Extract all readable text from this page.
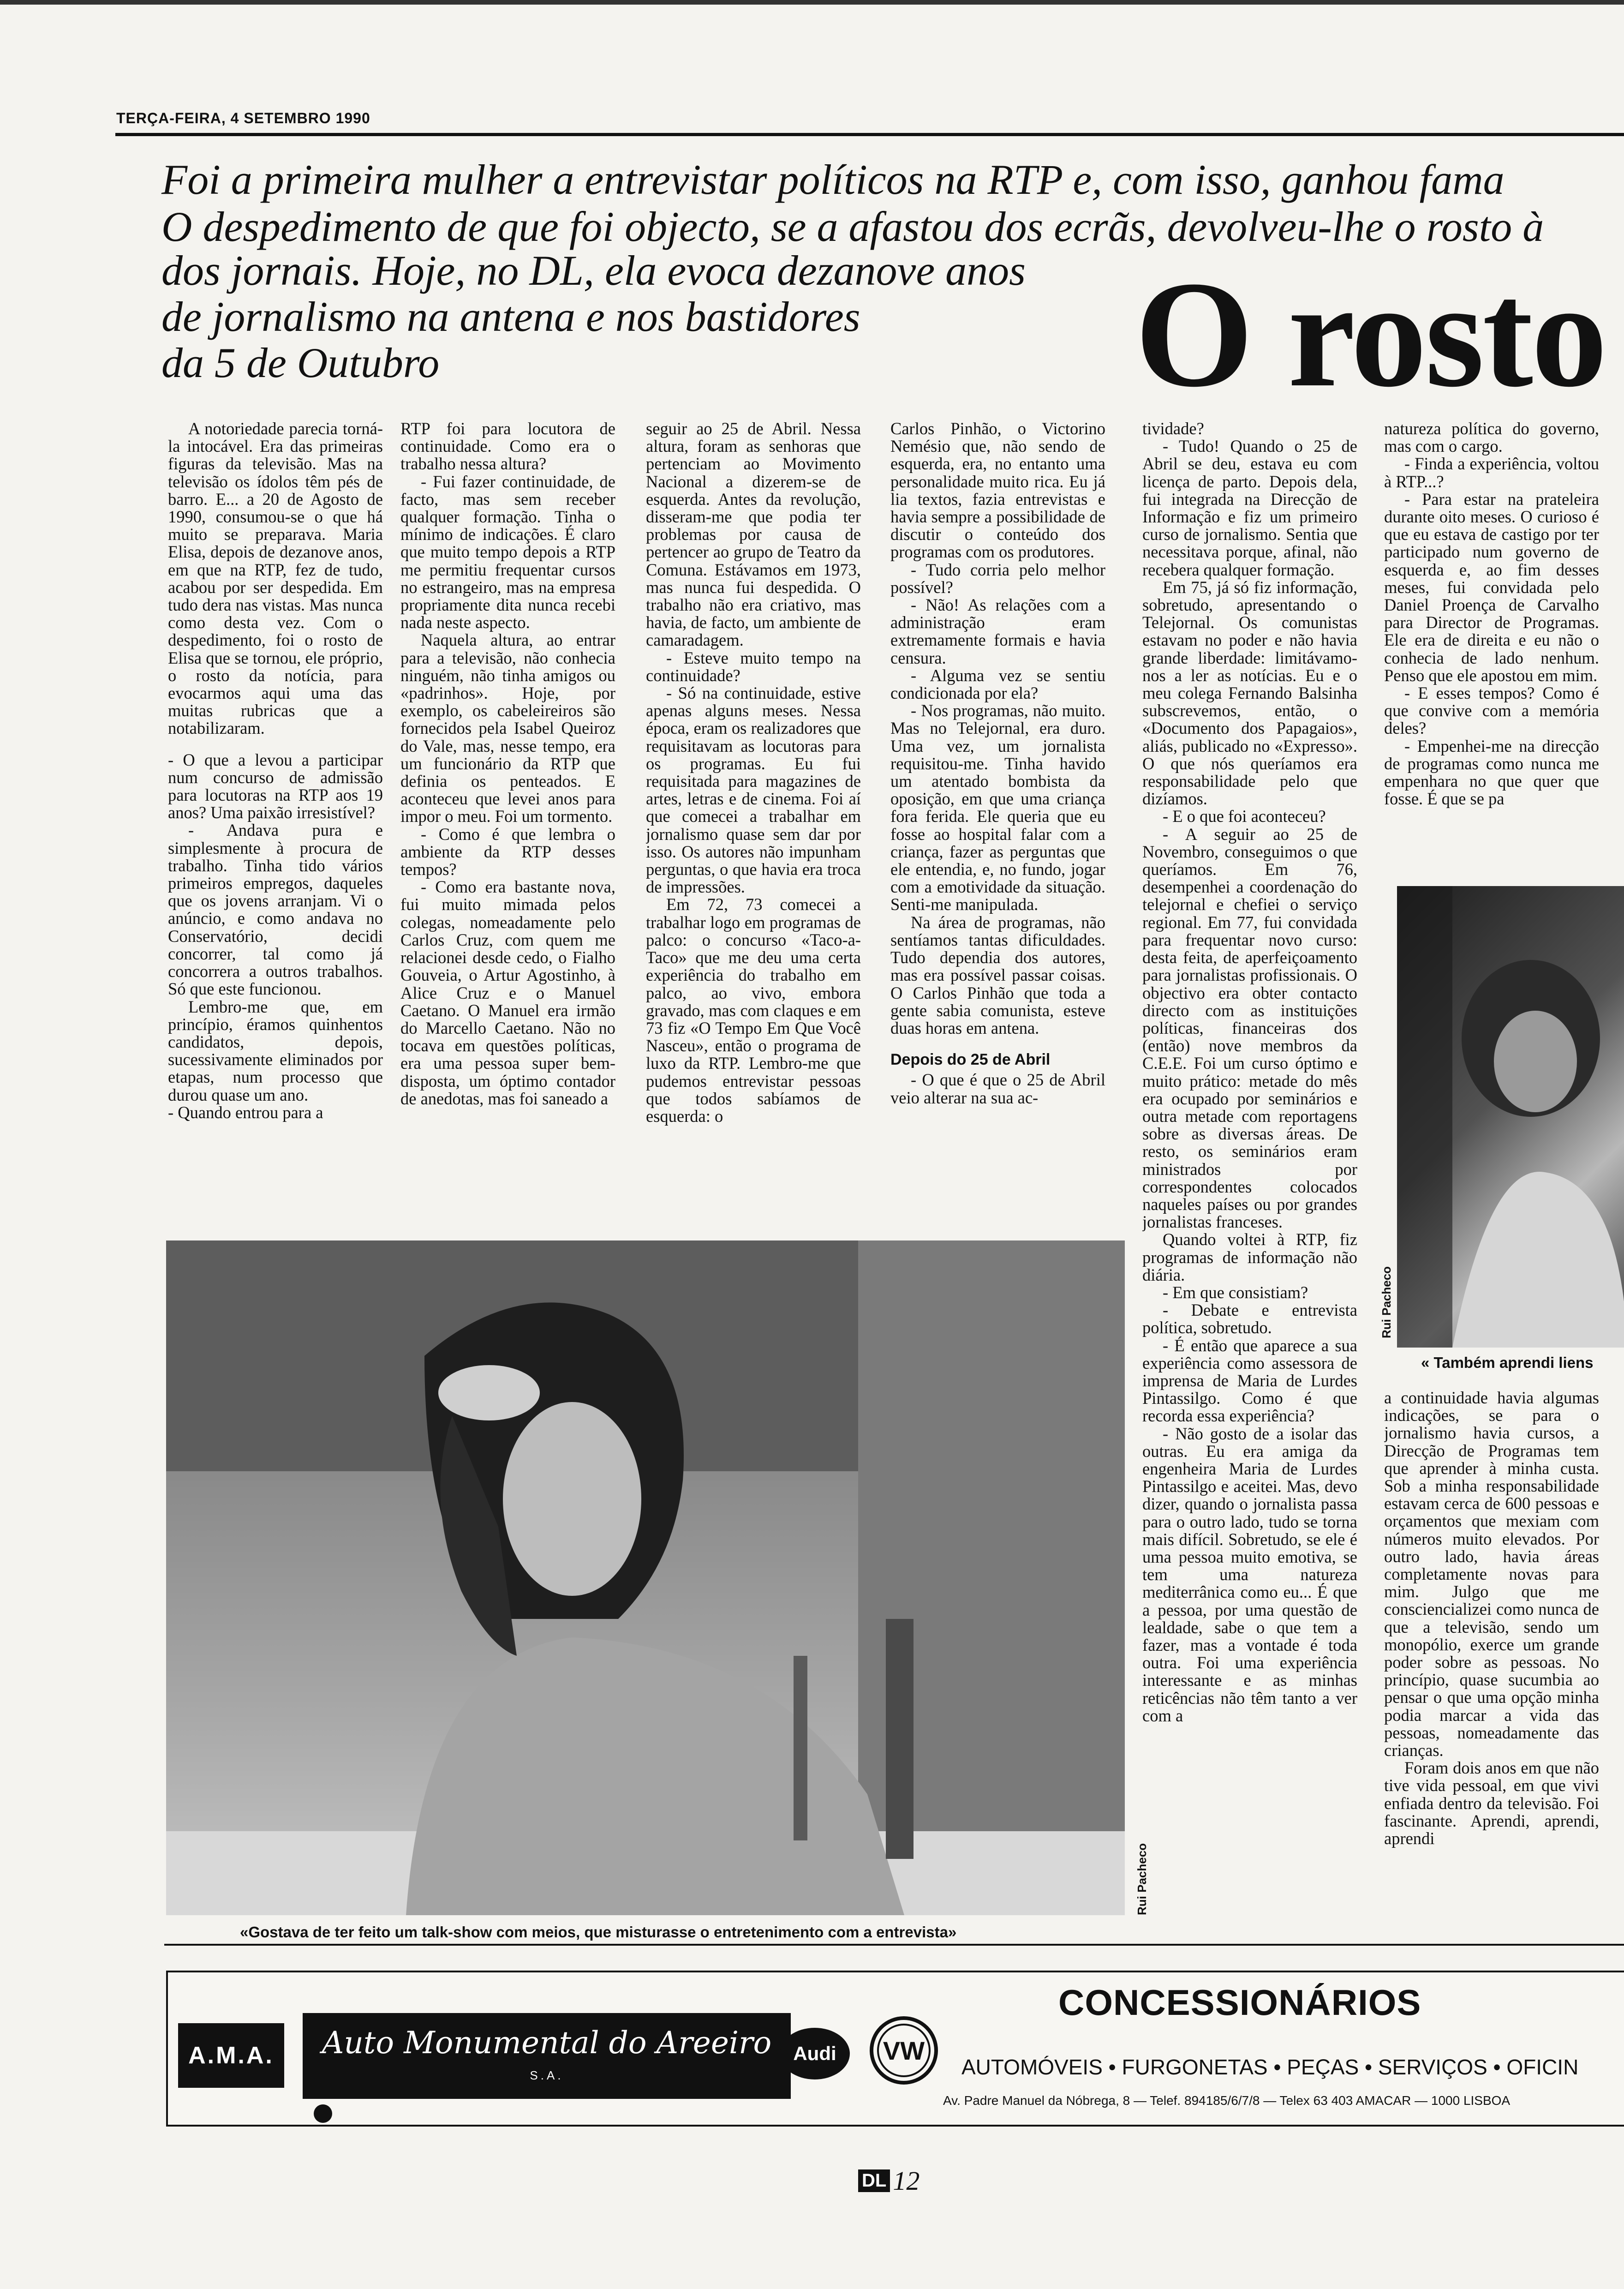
TERÇA-FEIRA, 4 SETEMBRO 1990
Foi a primeira mulher a entrevistar políticos na RTP e, com isso, ganhou fama
O despedimento de que foi objecto, se a afastou dos ecrãs, devolveu-lhe o rosto à
dos jornais. Hoje, no DL, ela evoca dezanove anos
de jornalismo na antena e nos bastidores
da 5 de Outubro	O rosto

A notoriedade parecia torná-la intocável. Era das primeiras figuras da televisão. Mas na televisão os ídolos têm pés de barro. E... a 20 de Agosto de 1990, consumou-se o que há muito se preparava. Maria Elisa, depois de dezanove anos, em que na RTP, fez de tudo, acabou por ser despedida. Em tudo dera nas vistas. Mas nunca como desta vez. Com o despedimento, foi o rosto de Elisa que se tornou, ele próprio, o rosto da notícia, para evocarmos aqui uma das muitas rubricas que a notabilizaram.

- O que a levou a participar num concurso de admissão para locutoras na RTP aos 19 anos? Uma paixão irresistível?

- Andava pura e simplesmente à procura de trabalho. Tinha tido vários primeiros empregos, daqueles que os jovens arranjam. Vi o anúncio, e como andava no Conservatório, decidi concorrer, tal como já concorrera a outros trabalhos. Só que este funcionou.

Lembro-me que, em princípio, éramos quinhentos candidatos, depois, sucessivamente eliminados por etapas, num processo que durou quase um ano.

- Quando entrou para a

RTP foi para locutora de continuidade. Como era o trabalho nessa altura?

- Fui fazer continuidade, de facto, mas sem receber qualquer formação. Tinha o mínimo de indicações. É claro que muito tempo depois a RTP me permitiu frequentar cursos no estrangeiro, mas na empresa propriamente dita nunca recebi nada neste aspecto.

Naquela altura, ao entrar para a televisão, não conhecia ninguém, não tinha amigos ou «padrinhos». Hoje, por exemplo, os cabeleireiros são fornecidos pela Isabel Queiroz do Vale, mas, nesse tempo, era um funcionário da RTP que definia os penteados. E aconteceu que levei anos para impor o meu. Foi um tormento.

- Como é que lembra o ambiente da RTP desses tempos?

- Como era bastante nova, fui muito mimada pelos colegas, nomeadamente pelo Carlos Cruz, com quem me relacionei desde cedo, o Fialho Gouveia, o Artur Agostinho, à Alice Cruz e o Manuel Caetano. O Manuel era irmão do Marcello Caetano. Não no tocava em questões políticas, era uma pessoa super bem-disposta, um óptimo contador de anedotas, mas foi saneado a

seguir ao 25 de Abril. Nessa altura, foram as senhoras que pertenciam ao Movimento Nacional a dizerem-se de esquerda. Antes da revolução, disseram-me que podia ter problemas por causa de pertencer ao grupo de Teatro da Comuna. Estávamos em 1973, mas nunca fui despedida. O trabalho não era criativo, mas havia, de facto, um ambiente de camaradagem.

- Esteve muito tempo na continuidade?

- Só na continuidade, estive apenas alguns meses. Nessa época, eram os realizadores que requisitavam as locutoras para os programas. Eu fui requisitada para magazines de artes, letras e de cinema. Foi aí que comecei a trabalhar em jornalismo quase sem dar por isso. Os autores não impunham perguntas, o que havia era troca de impressões.

Em 72, 73 comecei a trabalhar logo em programas de palco: o concurso «Taco-a-Taco» que me deu uma certa experiência do trabalho em palco, ao vivo, embora gravado, mas com claques e em 73 fiz «O Tempo Em Que Você Nasceu», então o programa de luxo da RTP. Lembro-me que pudemos entrevistar pessoas que todos sabíamos de esquerda: o

Carlos Pinhão, o Victorino Nemésio que, não sendo de esquerda, era, no entanto uma personalidade muito rica. Eu já lia textos, fazia entrevistas e havia sempre a possibilidade de discutir o conteúdo dos programas com os produtores.

- Tudo corria pelo melhor possível?

- Não! As relações com a administração eram extremamente formais e havia censura.

- Alguma vez se sentiu condicionada por ela?

- Nos programas, não muito. Mas no Telejornal, era duro. Uma vez, um jornalista requisitou-me. Tinha havido um atentado bombista da oposição, em que uma criança fora ferida. Ele queria que eu fosse ao hospital falar com a criança, fazer as perguntas que ele entendia, e, no fundo, jogar com a emotividade da situação. Senti-me manipulada.

Na área de programas, não sentíamos tantas dificuldades. Tudo dependia dos autores, mas era possível passar coisas. O Carlos Pinhão que toda a gente sabia comunista, esteve duas horas em antena.

Depois do 25 de Abril

- O que é que o 25 de Abril veio alterar na sua ac-

tividade?

- Tudo! Quando o 25 de Abril se deu, estava eu com licença de parto. Depois dela, fui integrada na Direcção de Informação e fiz um primeiro curso de jornalismo. Sentia que necessitava porque, afinal, não recebera qualquer formação.

Em 75, já só fiz informação, sobretudo, apresentando o Telejornal. Os comunistas estavam no poder e não havia grande liberdade: limitávamo-nos a ler as notícias. Eu e o meu colega Fernando Balsinha subscrevemos, então, o «Documento dos Papagaios», aliás, publicado no «Expresso». O que nós queríamos era responsabilidade pelo que dizíamos.

- E o que foi aconteceu?

- A seguir ao 25 de Novembro, conseguimos o que queríamos. Em 76, desempenhei a coordenação do telejornal e chefiei o serviço regional. Em 77, fui convidada para frequentar novo curso: desta feita, de aperfeiçoamento para jornalistas profissionais. O objectivo era obter contacto directo com as instituições políticas, financeiras dos (então) nove membros da C.E.E. Foi um curso óptimo e muito prático: metade do mês era ocupado por seminários e outra metade com reportagens sobre as diversas áreas. De resto, os seminários eram ministrados por correspondentes colocados naqueles países ou por grandes jornalistas franceses.

Quando voltei à RTP, fiz programas de informação não diária.

- Em que consistiam?

- Debate e entrevista política, sobretudo.

- É então que aparece a sua experiência como assessora de imprensa de Maria de Lurdes Pintassilgo. Como é que recorda essa experiência?

- Não gosto de a isolar das outras. Eu era amiga da engenheira Maria de Lurdes Pintassilgo e aceitei. Mas, devo dizer, quando o jornalista passa para o outro lado, tudo se torna mais difícil. Sobretudo, se ele é uma pessoa muito emotiva, se tem uma natureza mediterrânica como eu... É que a pessoa, por uma questão de lealdade, sabe o que tem a fazer, mas a vontade é toda outra. Foi uma experiência interessante e as minhas reticências não têm tanto a ver com a

natureza política do governo, mas com o cargo.

- Finda a experiência, voltou à RTP...?

- Para estar na prateleira durante oito meses. O curioso é que eu estava de castigo por ter participado num governo de esquerda e, ao fim desses meses, fui convidada pelo Daniel Proença de Carvalho para Director de Programas. Ele era de direita e eu não o conhecia de lado nenhum. Penso que ele apostou em mim.

- E esses tempos? Como é que convive com a memória deles?

- Empenhei-me na direcção de programas como nunca me empenhara no que quer que fosse. É que se pa

Rui Pacheco
« Também aprendi liens

a continuidade havia algumas indicações, se para o jornalismo havia cursos, a Direcção de Programas tem que aprender à minha custa. Sob a minha responsabilidade estavam cerca de 600 pessoas e orçamentos que mexiam com números muito elevados. Por outro lado, havia áreas completamente novas para mim. Julgo que me consciencializei como nunca de que a televisão, sendo um monopólio, exerce um grande poder sobre as pessoas. No princípio, quase sucumbia ao pensar o que uma opção minha podia marcar a vida das pessoas, nomeadamente das crianças.

Foram dois anos em que não tive vida pessoal, em que vivi enfiada dentro da televisão. Foi fascinante. Aprendi, aprendi, aprendi

Rui Pacheco
«Gostava de ter feito um talk-show com meios, que misturasse o entretenimento com a entrevista»
A.M.A.	Auto Monumental do Areeiro
S.A.
Audi VW
CONCESSIONÁRIOS
AUTOMÓVEIS • FURGONETAS • PEÇAS • SERVIÇOS • OFICIN
Av. Padre Manuel da Nóbrega, 8 — Telef. 894185/6/7/8 — Telex 63 403 AMACAR — 1000 LISBOA
DL 12
